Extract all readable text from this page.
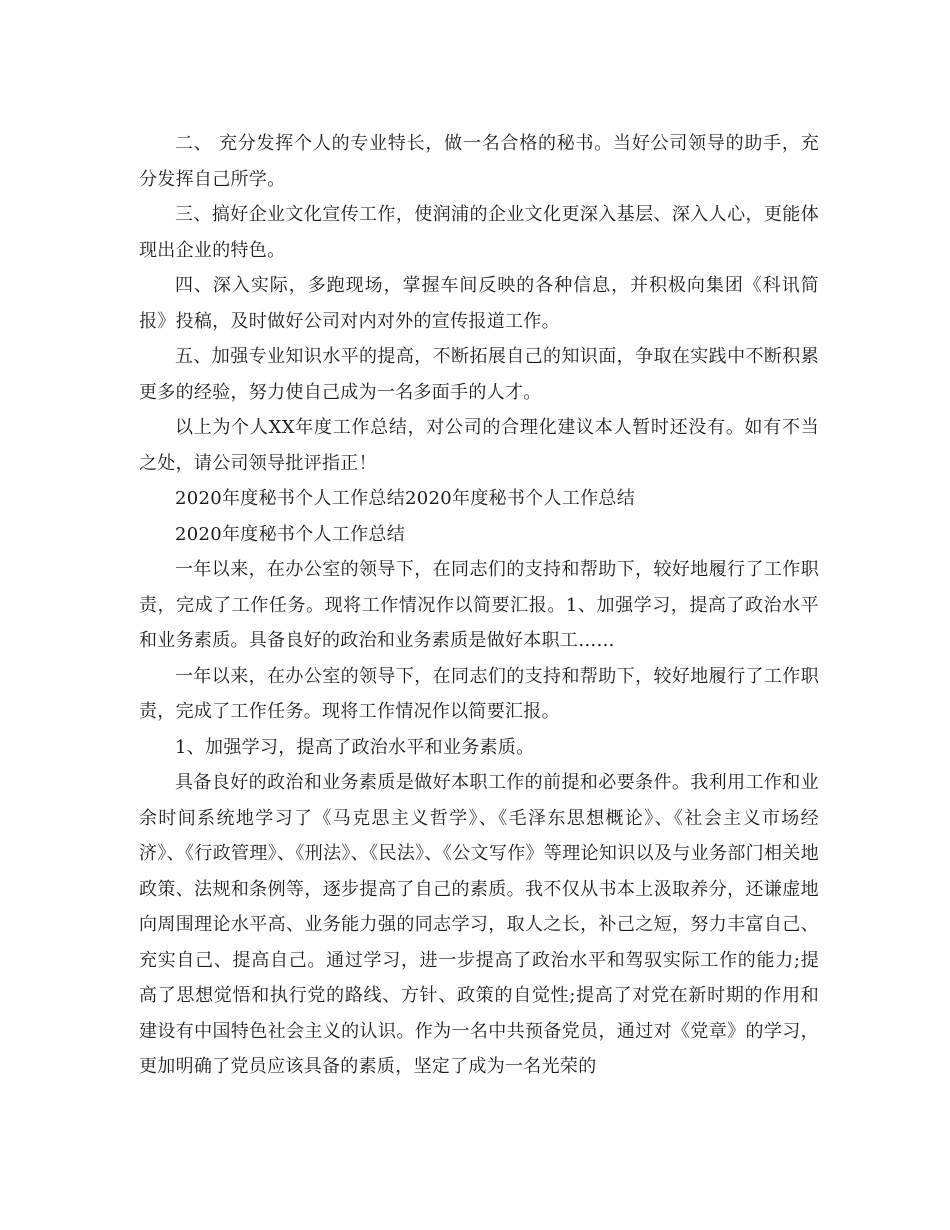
二、 充分发挥个人的专业特长，做一名合格的秘书。当好公司领导的助手，充分发挥自己所学。

三、搞好企业文化宣传工作，使润浦的企业文化更深入基层、深入人心，更能体现出企业的特色。

四、深入实际，多跑现场，掌握车间反映的各种信息，并积极向集团《科讯简报》投稿，及时做好公司对内对外的宣传报道工作。

五、加强专业知识水平的提高，不断拓展自己的知识面，争取在实践中不断积累更多的经验，努力使自己成为一名多面手的人才。

以上为个人XX年度工作总结，对公司的合理化建议本人暂时还没有。如有不当之处，请公司领导批评指正！

2020年度秘书个人工作总结2020年度秘书个人工作总结

2020年度秘书个人工作总结

一年以来，在办公室的领导下，在同志们的支持和帮助下，较好地履行了工作职责，完成了工作任务。现将工作情况作以简要汇报。1、加强学习，提高了政治水平和业务素质。具备良好的政治和业务素质是做好本职工……

一年以来，在办公室的领导下，在同志们的支持和帮助下，较好地履行了工作职责，完成了工作任务。现将工作情况作以简要汇报。

1、加强学习，提高了政治水平和业务素质。

具备良好的政治和业务素质是做好本职工作的前提和必要条件。我利用工作和业余时间系统地学习了《马克思主义哲学》、《毛泽东思想概论》、《社会主义市场经济》、《行政管理》、《刑法》、《民法》、《公文写作》等理论知识以及与业务部门相关地政策、法规和条例等，逐步提高了自己的素质。我不仅从书本上汲取养分，还谦虚地向周围理论水平高、业务能力强的同志学习，取人之长，补己之短，努力丰富自己、充实自己、提高自己。通过学习，进一步提高了政治水平和驾驭实际工作的能力;提高了思想觉悟和执行党的路线、方针、政策的自觉性;提高了对党在新时期的作用和建设有中国特色社会主义的认识。作为一名中共预备党员，通过对《党章》的学习，更加明确了党员应该具备的素质，坚定了成为一名光荣的
